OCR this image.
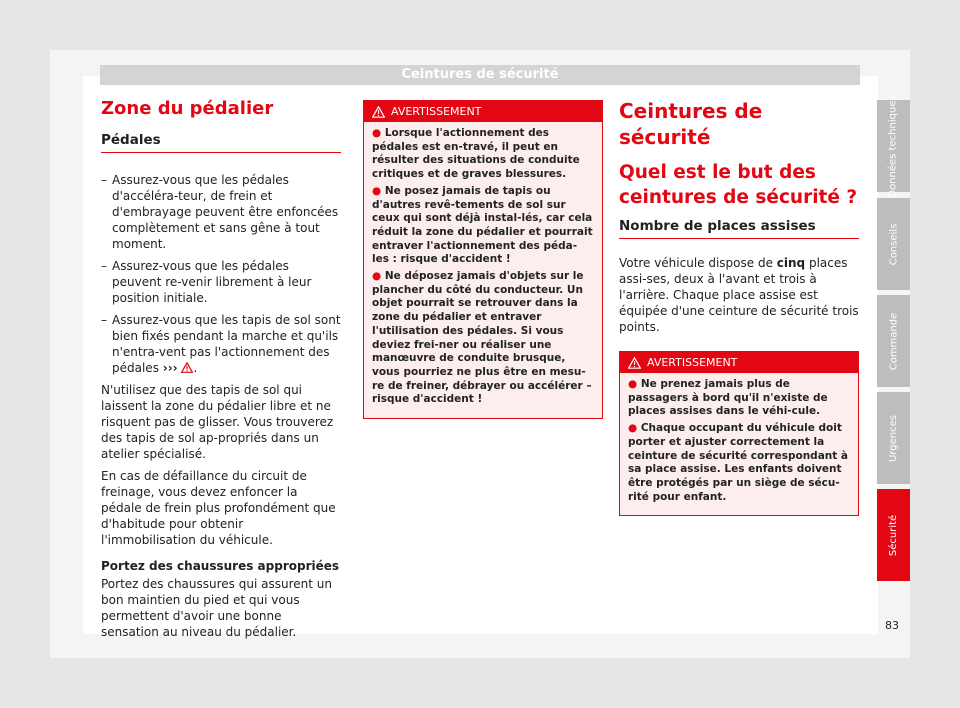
Ceintures de sécurité
Zone du pédalier
Pédales
– Assurez-vous que les pédales d'accéléra-teur, de frein et d'embrayage peuvent être enfoncées complètement et sans gêne à tout moment.
– Assurez-vous que les pédales peuvent re-venir librement à leur position initiale.
– Assurez-vous que les tapis de sol sont bien fixés pendant la marche et qu'ils n'entra-vent pas l'actionnement des pédales ››› .

N'utilisez que des tapis de sol qui laissent la zone du pédalier libre et ne risquent pas de glisser. Vous trouverez des tapis de sol ap-propriés dans un atelier spécialisé.

En cas de défaillance du circuit de freinage, vous devez enfoncer la pédale de frein plus profondément que d'habitude pour obtenir l'immobilisation du véhicule.

Portez des chaussures appropriées

Portez des chaussures qui assurent un bon maintien du pied et qui vous permettent d'avoir une bonne sensation au niveau du pédalier.

AVERTISSEMENT

● Lorsque l'actionnement des pédales est en-travé, il peut en résulter des situations de conduite critiques et de graves blessures.

● Ne posez jamais de tapis ou d'autres revê-tements de sol sur ceux qui sont déjà instal-lés, car cela réduit la zone du pédalier et pourrait entraver l'actionnement des péda-les : risque d'accident !

● Ne déposez jamais d'objets sur le plancher du côté du conducteur. Un objet pourrait se retrouver dans la zone du pédalier et entraver l'utilisation des pédales. Si vous deviez frei-ner ou réaliser une manœuvre de conduite brusque, vous pourriez ne plus être en mesu-re de freiner, débrayer ou accélérer – risque d'accident !

Ceintures de sécurité
Quel est le but des ceintures de sécurité ?
Nombre de places assises

Votre véhicule dispose de cinq places assi-ses, deux à l'avant et trois à l'arrière. Chaque place assise est équipée d'une ceinture de sécurité trois points.

AVERTISSEMENT

● Ne prenez jamais plus de passagers à bord qu'il n'existe de places assises dans le véhi-cule.

● Chaque occupant du véhicule doit porter et ajuster correctement la ceinture de sécurité correspondant à sa place assise. Les enfants doivent être protégés par un siège de sécu-rité pour enfant.

Données techniques
Conseils
Commande
Urgences
Sécurité
83
